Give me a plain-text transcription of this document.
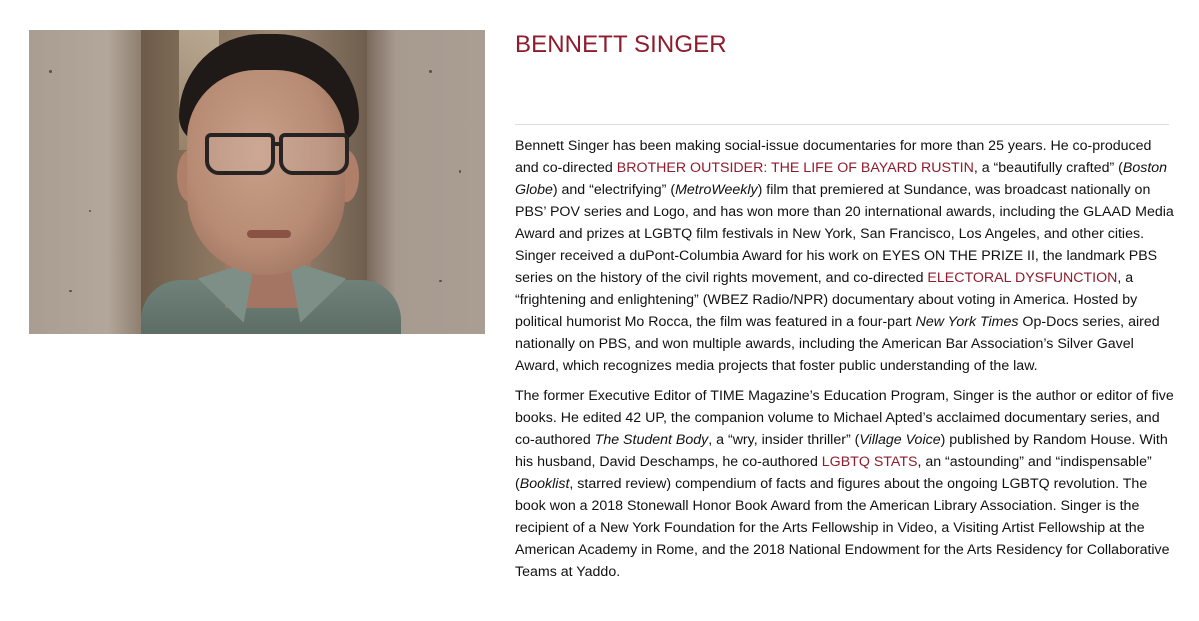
BENNETT SINGER

Bennett Singer has been making social-issue documentaries for more than 25 years. He co-produced and co-directed BROTHER OUTSIDER: THE LIFE OF BAYARD RUSTIN, a “beautifully crafted” (Boston Globe) and “electrifying” (MetroWeekly) film that premiered at Sundance, was broadcast nationally on PBS’ POV series and Logo, and has won more than 20 international awards, including the GLAAD Media Award and prizes at LGBTQ film festivals in New York, San Francisco, Los Angeles, and other cities. Singer received a duPont-Columbia Award for his work on EYES ON THE PRIZE II, the landmark PBS series on the history of the civil rights movement, and co-directed ELECTORAL DYSFUNCTION, a “frightening and enlightening” (WBEZ Radio/NPR) documentary about voting in America. Hosted by political humorist Mo Rocca, the film was featured in a four-part New York Times Op-Docs series, aired nationally on PBS, and won multiple awards, including the American Bar Association’s Silver Gavel Award, which recognizes media projects that foster public understanding of the law.

The former Executive Editor of TIME Magazine’s Education Program, Singer is the author or editor of five books. He edited 42 UP, the companion volume to Michael Apted’s acclaimed documentary series, and co-authored The Student Body, a “wry, insider thriller” (Village Voice) published by Random House. With his husband, David Deschamps, he co-authored LGBTQ STATS, an “astounding” and “indispensable” (Booklist, starred review) compendium of facts and figures about the ongoing LGBTQ revolution. The book won a 2018 Stonewall Honor Book Award from the American Library Association. Singer is the recipient of a New York Foundation for the Arts Fellowship in Video, a Visiting Artist Fellowship at the American Academy in Rome, and the 2018 National Endowment for the Arts Residency for Collaborative Teams at Yaddo.
